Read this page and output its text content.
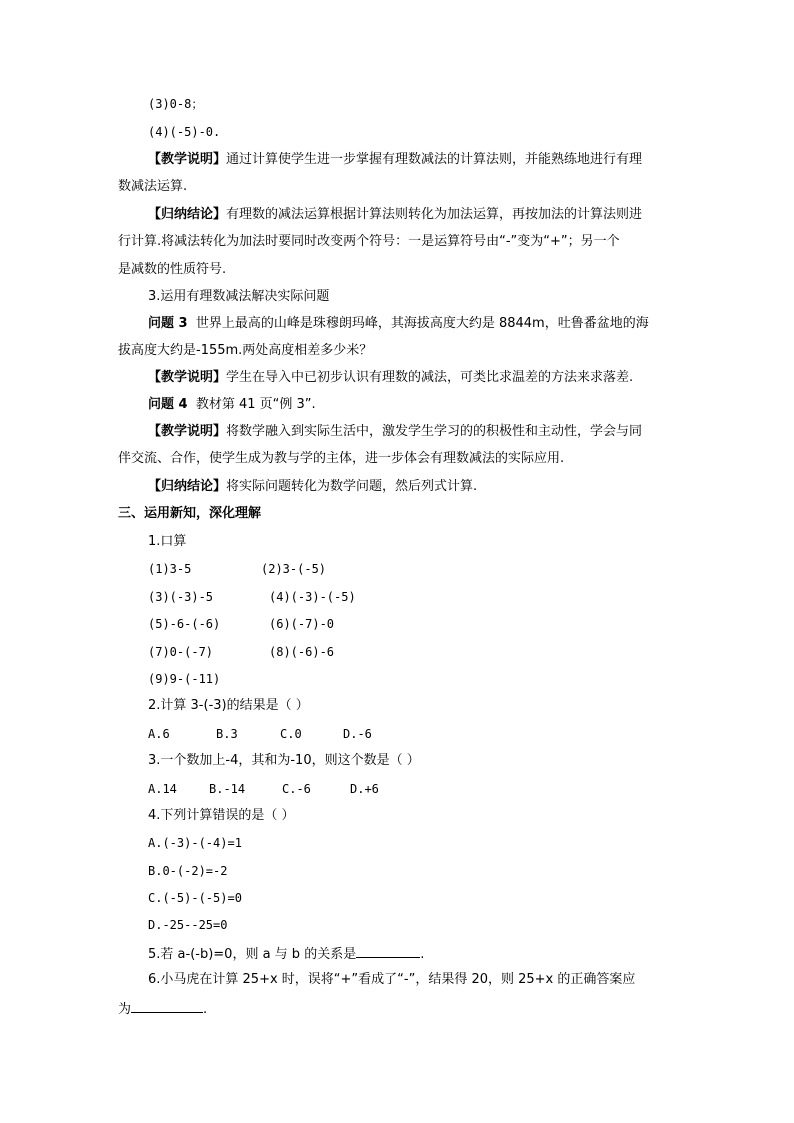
(3)0-8；
(4)(-5)-0.
【教学说明】通过计算使学生进一步掌握有理数减法的计算法则，并能熟练地进行有理
数减法运算.
【归纳结论】有理数的减法运算根据计算法则转化为加法运算，再按加法的计算法则进
行计算.将减法转化为加法时要同时改变两个符号：一是运算符号由“-”变为“+”；另一个
是减数的性质符号.
3.运用有理数减法解决实际问题
问题 3 世界上最高的山峰是珠穆朗玛峰，其海拔高度大约是 8844m，吐鲁番盆地的海
拔高度大约是-155m.两处高度相差多少米？
【教学说明】学生在导入中已初步认识有理数的减法，可类比求温差的方法来求落差.
问题 4 教材第 41 页“例 3”.
【教学说明】将数学融入到实际生活中，激发学生学习的的积极性和主动性，学会与同
伴交流、合作，使学生成为教与学的主体，进一步体会有理数减法的实际应用.
【归纳结论】将实际问题转化为数学问题，然后列式计算.
三、运用新知，深化理解
1.口算
(1)3-5	(2)3-(-5)
(3)(-3)-5	(4)(-3)-(-5)
(5)-6-(-6)	(6)(-7)-0
(7)0-(-7)	(8)(-6)-6
(9)9-(-11)
2.计算 3-(-3)的结果是（ ）
A.6	B.3	C.0	D.-6
3.一个数加上-4，其和为-10，则这个数是（ ）
A.14	B.-14	C.-6	D.+6
4.下列计算错误的是（ ）
A.(-3)-(-4)=1
B.0-(-2)=-2
C.(-5)-(-5)=0
D.-25--25=0
5.若 a-(-b)=0，则 a 与 b 的关系是	.
6.小马虎在计算 25+x 时，误将“+”看成了“-”，结果得 20，则 25+x 的正确答案应
为	.
